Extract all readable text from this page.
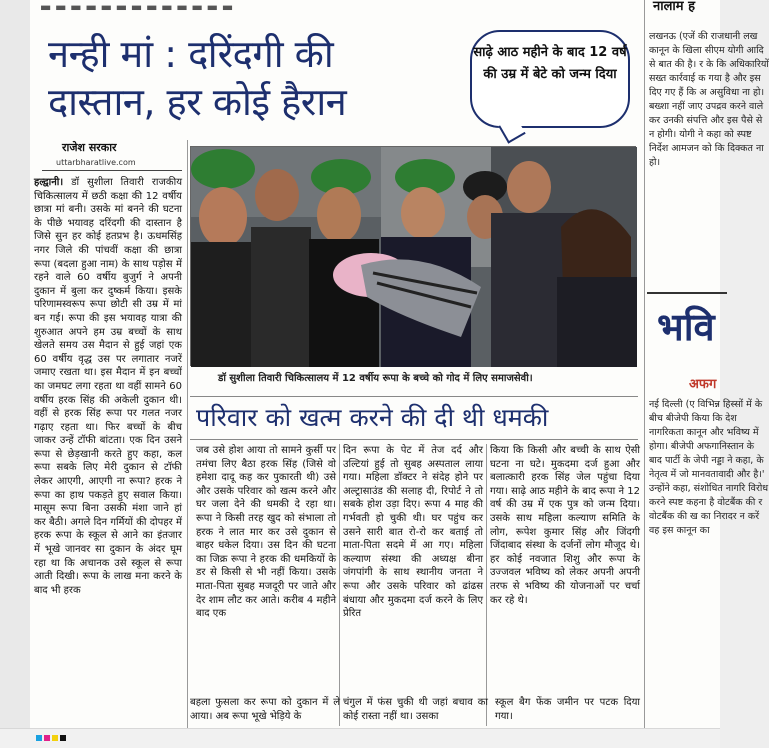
▬ ▬ ▬ ▬ ▬ ▬ ▬ ▬ ▬ ▬ ▬ ▬ ▬
नन्ही मां : दरिंदगी की
दास्तान, हर कोई हैरान
साढ़े आठ महीने के बाद 12 वर्ष की उम्र में बेटे को जन्म दिया
राजेश सरकार
uttarbharatlive.com
हल्द्वानी। डॉ सुशीला तिवारी राजकीय चिकित्सालय में छठी कक्षा की 12 वर्षीय छात्रा मां बनी। उसके मां बनने की घटना के पीछे भयावह दरिंदगी की दास्तान है जिसे सुन हर कोई हतप्रभ है। ऊधमसिंह नगर जिले की पांचवीं कक्षा की छात्रा रूपा (बदला हुआ नाम) के साथ पड़ोस में रहने वाले 60 वर्षीय बुजुर्ग ने अपनी दुकान में बुला कर दुष्कर्म किया। इसके परिणामस्वरूप रूपा छोटी सी उम्र में मां बन गई। रूपा की इस भयावह यात्रा की शुरुआत अपने हम उम्र बच्चों के साथ खेलते समय उस मैदान से हुई जहां एक 60 वर्षीय वृद्ध उस पर लगातार नजरें जमाए रखता था। इस मैदान में इन बच्चों का जमघट लगा रहता था वहीं सामने 60 वर्षीय हरक सिंह की अकेली दुकान थी। वहीं से हरक सिंह रूपा पर गलत नजर गढ़ाए रहता था। फिर बच्चों के बीच जाकर उन्हें टॉफी बांटता। एक दिन उसने रूपा से छेड़खानी करते हुए कहा, कल रूपा सबके लिए मेरी दुकान से टॉफी लेकर आएगी, आएगी ना रूपा? हरक ने रूपा का हाथ पकड़ते हुए सवाल किया। मासूम रूपा बिना उसकी मंशा जाने हां कर बैठी। अगले दिन गर्मियों की दोपहर में हरक रूपा के स्कूल से आने का इंतजार में भूखे जानवर सा दुकान के अंदर घूम रहा था कि अचानक उसे स्कूल से रूपा आती दिखी। रूपा के लाख मना करने के बाद भी हरक
डॉ सुशीला तिवारी चिकित्सालय में 12 वर्षीय रूपा के बच्चे को गोद में लिए समाजसेवी।
परिवार को खत्म करने की दी थी धमकी
जब उसे होश आया तो सामने कुर्सी पर तमंचा लिए बैठा हरक सिंह (जिसे वो हमेशा दादू कह कर पुकारती थी) उसे और उसके परिवार को खत्म करने और घर जला देने की धमकी दे रहा था। रूपा ने किसी तरह खुद को संभाला तो हरक ने लात मार कर उसे दुकान से बाहर धकेल दिया। उस दिन की घटना का जिक्र रूपा ने हरक की धमकियों के डर से किसी से भी नहीं किया। उसके माता-पिता सुबह मजदूरी पर जाते और देर शाम लौट कर आते। करीब 4 महीने बाद एक
दिन रूपा के पेट में तेज दर्द और उल्टियां हुई तो सुबह अस्पताल लाया गया। महिला डॉक्टर ने संदेह होने पर अल्ट्रासाउंड की सलाह दी, रिपोर्ट ने तो सबके होश उड़ा दिए। रूपा 4 माह की गर्भवती हो चुकी थी। घर पहुंच कर उसने सारी बात रो-रो कर बताई तो माता-पिता सदमे में आ गए। महिला कल्याण संस्था की अध्यक्ष बीना जंगपांगी के साथ स्थानीय जनता ने रूपा और उसके परिवार को ढांढस बंधाया और मुकदमा दर्ज करने के लिए प्रेरित
किया कि किसी और बच्ची के साथ ऐसी घटना ना घटे। मुकदमा दर्ज हुआ और बलात्कारी हरक सिंह जेल पहुंचा दिया गया। साढ़े आठ महीने के बाद रूपा ने 12 वर्ष की उम्र में एक पुत्र को जन्म दिया। उसके साथ महिला कल्याण समिति के लोग, रूपेश कुमार सिंह और जिंदगी जिंदाबाद संस्था के दर्जनों लोग मौजूद थे। हर कोई नवजात शिशु और रूपा के उज्जवल भविष्य को लेकर अपनी अपनी तरफ से भविष्य की योजनाओं पर चर्चा कर रहे थे।
बहला फुसला कर रूपा को दुकान में ले आया। अब रूपा भूखे भेड़िये के
चंगुल में फंस चुकी थी जहां बचाव का कोई रास्ता नहीं था। उसका
स्कूल बैग फेंक जमीन पर पटक दिया गया।
नालाम ह
लखनऊ (एजें की राजधानी लख कानून के खिला सीएम योगी आदि से बात की है। र के कि अधिकारियों सख्त कार्रवाई क गया है और इस दिए गए हैं कि अ असुविधा ना हो। बख्शा नहीं जाए उपद्रव करने वाले कर उनकी संपत्ति और इस पैसे से न होगी। योगी ने कहा को स्पष्ट निर्देश आमजन को कि दिक्कत ना हो।
भवि
अफग
नई दिल्ली (ए विभिन्न हिस्सों में के बीच बीजेपी किया कि देश नागरिकता कानून और भविष्य में होगा। बीजेपी अफगानिस्तान के बाद पार्टी के जेपी नड्डा ने कहा, के नेतृत्व में जो मानवतावादी और है।' उन्होंने कहा, संशोधित नागरि विरोध करने स्पष्ट कहना है वोटबैंक की र वोटबैंक की ख का निरादर न करें वह इस कानून का
